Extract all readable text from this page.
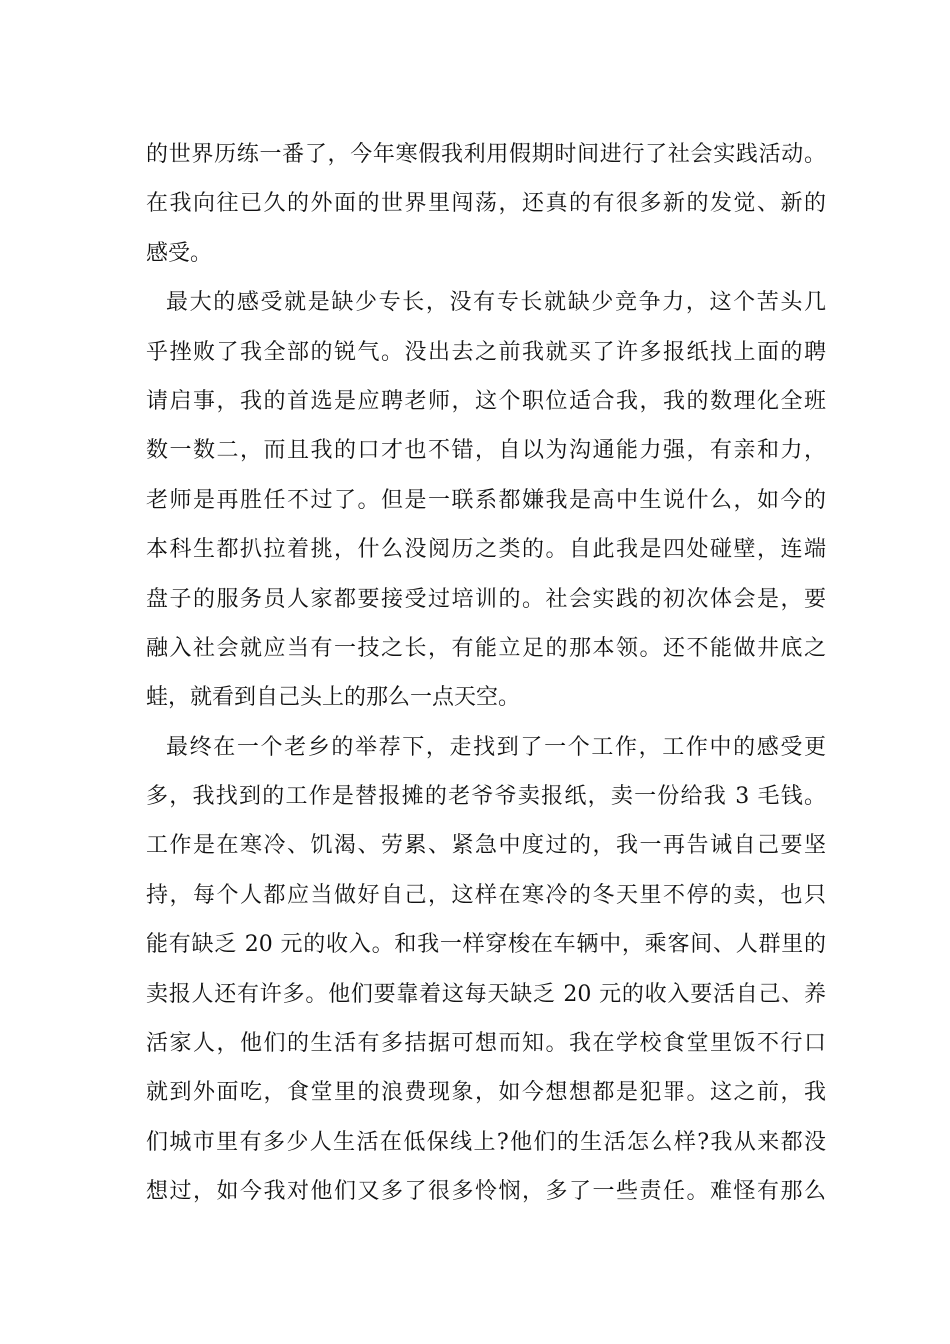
的世界历练一番了，今年寒假我利用假期时间进行了社会实践活动。
在我向往已久的外面的世界里闯荡，还真的有很多新的发觉、新的
感受。
最大的感受就是缺少专长，没有专长就缺少竞争力，这个苦头几
乎挫败了我全部的锐气。没出去之前我就买了许多报纸找上面的聘
请启事，我的首选是应聘老师，这个职位适合我，我的数理化全班
数一数二，而且我的口才也不错，自以为沟通能力强，有亲和力，
老师是再胜任不过了。但是一联系都嫌我是高中生说什么，如今的
本科生都扒拉着挑，什么没阅历之类的。自此我是四处碰壁，连端
盘子的服务员人家都要接受过培训的。社会实践的初次体会是，要
融入社会就应当有一技之长，有能立足的那本领。还不能做井底之
蛙，就看到自己头上的那么一点天空。
最终在一个老乡的举荐下，走找到了一个工作，工作中的感受更
多，我找到的工作是替报摊的老爷爷卖报纸，卖一份给我 3 毛钱。
工作是在寒冷、饥渴、劳累、紧急中度过的，我一再告诫自己要坚
持，每个人都应当做好自己，这样在寒冷的冬天里不停的卖，也只
能有缺乏 20 元的收入。和我一样穿梭在车辆中，乘客间、人群里的
卖报人还有许多。他们要靠着这每天缺乏 20 元的收入要活自己、养
活家人，他们的生活有多拮据可想而知。我在学校食堂里饭不行口
就到外面吃，食堂里的浪费现象，如今想想都是犯罪。这之前，我
们城市里有多少人生活在低保线上?他们的生活怎么样?我从来都没
想过，如今我对他们又多了很多怜悯，多了一些责任。难怪有那么
